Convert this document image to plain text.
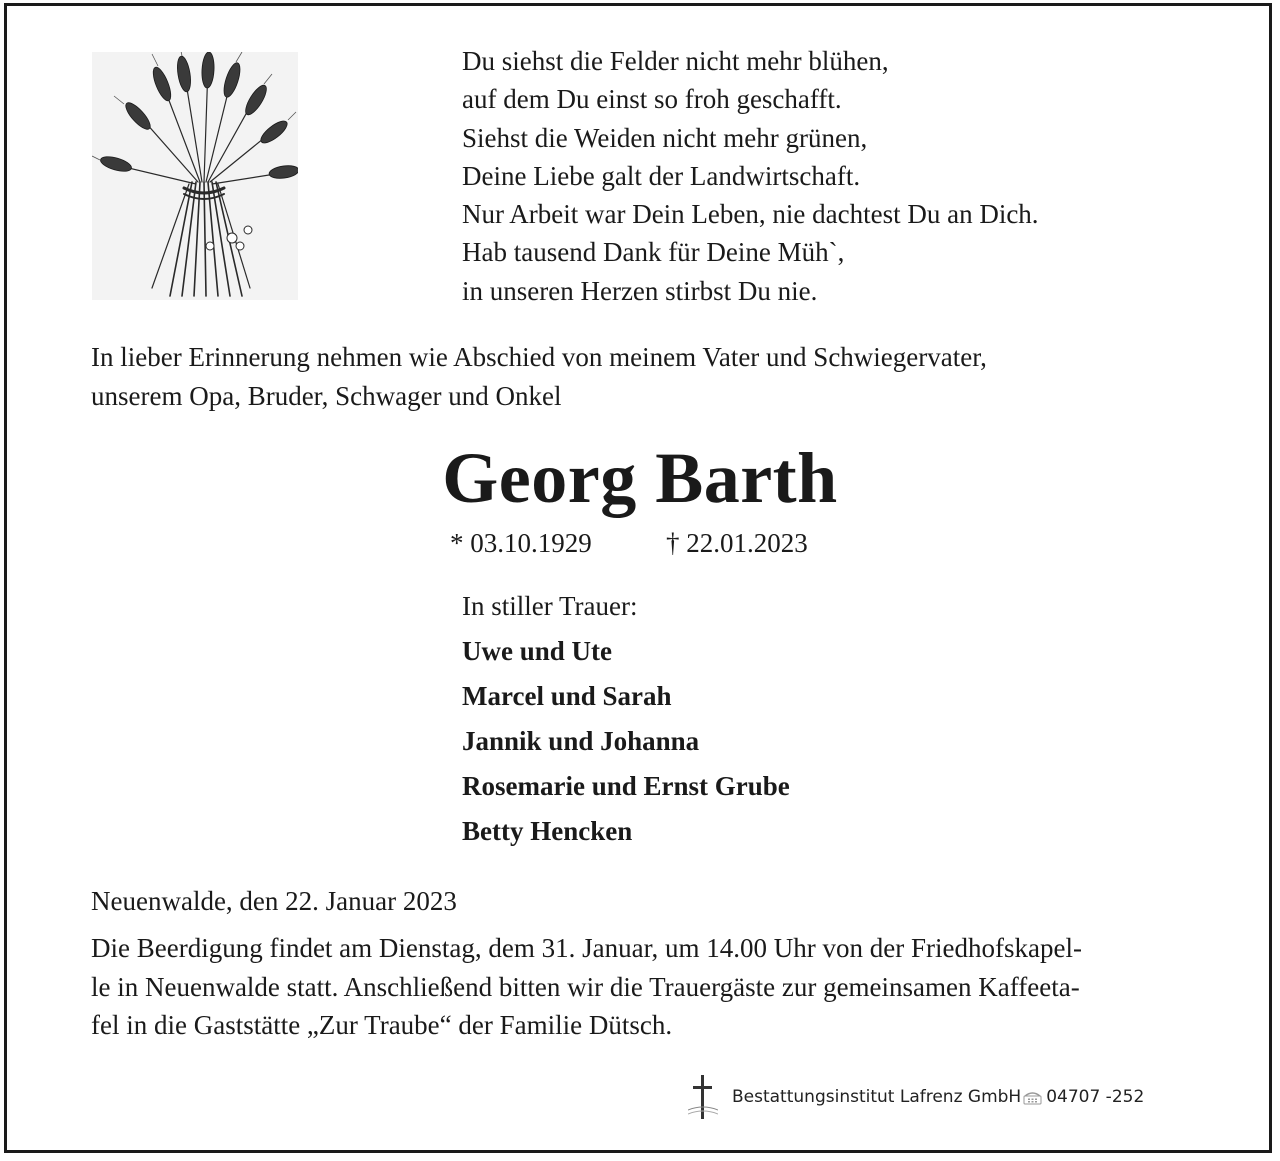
Du siehst die Felder nicht mehr blühen,
auf dem Du einst so froh geschafft.
Siehst die Weiden nicht mehr grünen,
Deine Liebe galt der Landwirtschaft.
Nur Arbeit war Dein Leben, nie dachtest Du an Dich.
Hab tausend Dank für Deine Müh`,
in unseren Herzen stirbst Du nie.
In lieber Erinnerung nehmen wie Abschied von meinem Vater und Schwiegervater,
unserem Opa, Bruder, Schwager und Onkel
Georg Barth
* 03.10.1929	† 22.01.2023
In stiller Trauer:
Uwe und Ute
Marcel und Sarah
Jannik und Johanna
Rosemarie und Ernst Grube
Betty Hencken
Neuenwalde, den 22. Januar 2023
Die Beerdigung findet am Dienstag, dem 31. Januar, um 14.00 Uhr von der Friedhofskapel-
le in Neuenwalde statt. Anschließend bitten wir die Trauergäste zur gemeinsamen Kaffeeta-
fel in die Gaststätte „Zur Traube“ der Familie Dütsch.
Bestattungsinstitut Lafrenz GmbH 04707 -252
